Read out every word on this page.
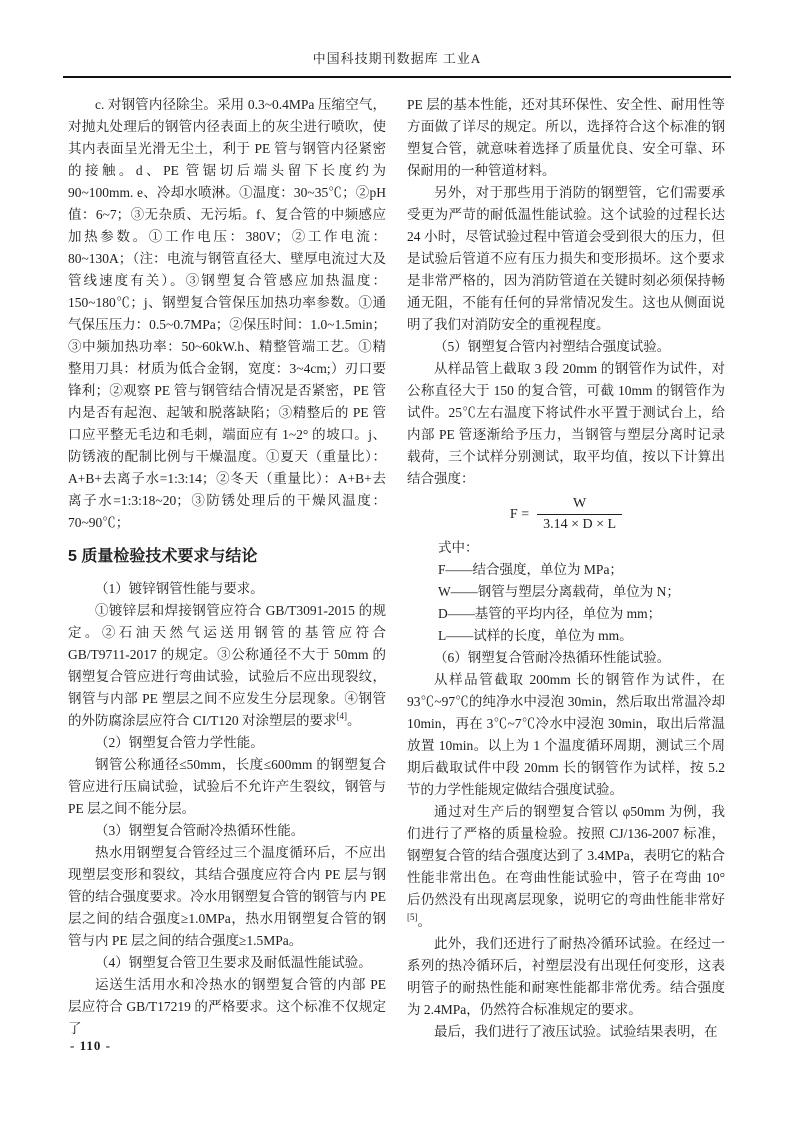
中国科技期刊数据库 工业A

c. 对钢管内径除尘。采用 0.3~0.4MPa 压缩空气，对抛丸处理后的钢管内径表面上的灰尘进行喷吹，使其内表面呈光滑无尘土，利于 PE 管与钢管内径紧密的接触。d、PE 管锯切后端头留下长度约为 90~100mm. e、冷却水喷淋。①温度：30~35℃；②pH 值：6~7；③无杂质、无污垢。f、复合管的中频感应加热参数。①工作电压：380V；②工作电流：80~130A；（注：电流与钢管直径大、壁厚电流过大及管线速度有关）。③钢塑复合管感应加热温度：150~180℃；j、钢塑复合管保压加热功率参数。①通气保压压力：0.5~0.7MPa；②保压时间：1.0~1.5min；③中频加热功率：50~60kW.h、精整管端工艺。①精整用刀具：材质为低合金钢，宽度：3~4cm;）刃口要锋利；②观察 PE 管与钢管结合情况是否紧密，PE 管内是否有起泡、起皱和脱落缺陷；③精整后的 PE 管口应平整无毛边和毛刺，端面应有 1~2° 的坡口。j、防锈液的配制比例与干燥温度。①夏天（重量比）：A+B+去离子水=1:3:14；②冬天（重量比）：A+B+去离子水=1:3:18~20；③防锈处理后的干燥风温度：70~90℃；

5 质量检验技术要求与结论

（1）镀锌钢管性能与要求。

①镀锌层和焊接钢管应符合 GB/T3091-2015 的规定。②石油天然气运送用钢管的基管应符合 GB/T9711-2017 的规定。③公称通径不大于 50mm 的钢塑复合管应进行弯曲试验，试验后不应出现裂纹，钢管与内部 PE 塑层之间不应发生分层现象。④钢管的外防腐涂层应符合 CI/T120 对涂塑层的要求[4]。

（2）钢塑复合管力学性能。

钢管公称通径≤50mm，长度≤600mm 的钢塑复合管应进行压扁试验，试验后不允许产生裂纹，钢管与 PE 层之间不能分层。

（3）钢塑复合管耐冷热循环性能。

热水用钢塑复合管经过三个温度循环后，不应出现塑层变形和裂纹，其结合强度应符合内 PE 层与钢管的结合强度要求。冷水用钢塑复合管的钢管与内 PE 层之间的结合强度≥1.0MPa，热水用钢塑复合管的钢管与内 PE 层之间的结合强度≥1.5MPa。

（4）钢塑复合管卫生要求及耐低温性能试验。

运送生活用水和冷热水的钢塑复合管的内部 PE 层应符合 GB/T17219 的严格要求。这个标准不仅规定了

PE 层的基本性能，还对其环保性、安全性、耐用性等方面做了详尽的规定。所以，选择符合这个标准的钢塑复合管，就意味着选择了质量优良、安全可靠、环保耐用的一种管道材料。

另外，对于那些用于消防的钢塑管，它们需要承受更为严苛的耐低温性能试验。这个试验的过程长达 24 小时，尽管试验过程中管道会受到很大的压力，但是试验后管道不应有压力损失和变形损坏。这个要求是非常严格的，因为消防管道在关键时刻必须保持畅通无阻，不能有任何的异常情况发生。这也从侧面说明了我们对消防安全的重视程度。

（5）钢塑复合管内衬塑结合强度试验。

从样品管上截取 3 段 20mm 的钢管作为试件，对公称直径大于 150 的复合管，可截 10mm 的钢管作为试件。25℃左右温度下将试件水平置于测试台上，给内部 PE 管逐渐给予压力，当钢管与塑层分离时记录载荷，三个试样分别测试，取平均值，按以下计算出结合强度：

$F = \frac{W}{3.14 \times D \times L}$

式中：

F——结合强度，单位为 MPa；

W——钢管与塑层分离载荷，单位为 N；

D——基管的平均内径，单位为 mm；

L——试样的长度，单位为 mm。

（6）钢塑复合管耐冷热循环性能试验。

从样品管截取 200mm 长的钢管作为试件，在 93℃~97℃的纯净水中浸泡 30min，然后取出常温冷却 10min，再在 3℃~7℃冷水中浸泡 30min，取出后常温放置 10min。以上为 1 个温度循环周期，测试三个周期后截取试件中段 20mm 长的钢管作为试样，按 5.2 节的力学性能规定做结合强度试验。

通过对生产后的钢塑复合管以 φ50mm 为例，我们进行了严格的质量检验。按照 CJ/136-2007 标准，钢塑复合管的结合强度达到了 3.4MPa，表明它的粘合性能非常出色。在弯曲性能试验中，管子在弯曲 10° 后仍然没有出现离层现象，说明它的弯曲性能非常好[5]。

此外，我们还进行了耐热冷循环试验。在经过一系列的热冷循环后，衬塑层没有出现任何变形，这表明管子的耐热性能和耐寒性能都非常优秀。结合强度为 2.4MPa，仍然符合标准规定的要求。

最后，我们进行了液压试验。试验结果表明，在

- 110 -
